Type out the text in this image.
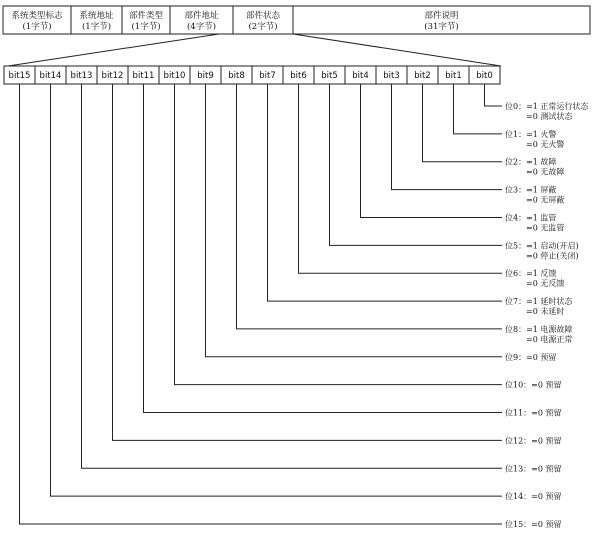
系统类型标志
(1字节)
系统地址
(1字节)
部件类型
(1字节)
部件地址
(4字节)
部件状态
(2字节)
部件说明
(31字节)
bit15 bit14 bit13 bit12 bit11 bit10 bit9 bit8 bit7 bit6 bit5 bit4 bit3 bit2 bit1 bit0
位0：=1 正常运行状态
=0 测试状态
位1：=1 火警
=0 无火警
位2：=1 故障
=0 无故障
位3：=1 屏蔽
=0 无屏蔽
位4：=1 监管
=0 无监管
位5：=1 启动(开启)
=0 停止(关闭)
位6：=1 反馈
=0 无反馈
位7：=1 延时状态
=0 未延时
位8：=1 电源故障
=0 电源正常
位9：=0 预留
位10：=0 预留
位11：=0 预留
位12：=0 预留
位13：=0 预留
位14：=0 预留
位15：=0 预留
